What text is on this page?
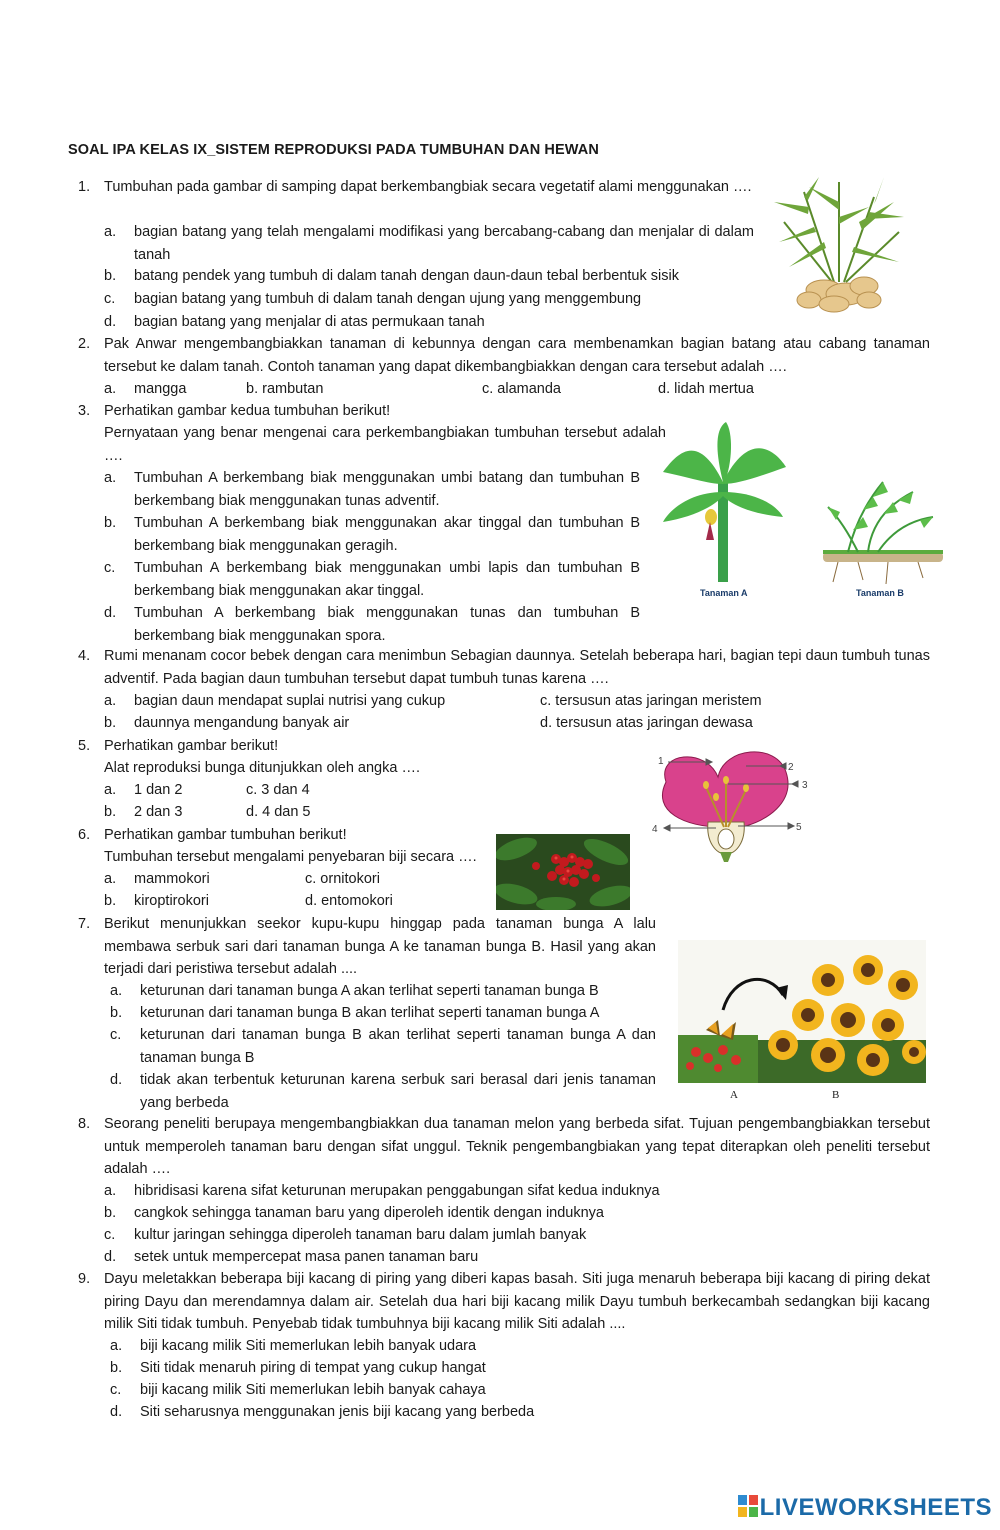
SOAL IPA KELAS IX_SISTEM REPRODUKSI PADA TUMBUHAN DAN HEWAN
1. Tumbuhan pada gambar di samping dapat berkembangbiak secara vegetatif alami menggunakan ….
a. bagian batang yang telah mengalami modifikasi yang bercabang-cabang dan menjalar di dalam tanah
b. batang pendek yang tumbuh di dalam tanah dengan daun-daun tebal berbentuk sisik
c. bagian batang yang tumbuh di dalam tanah dengan ujung yang menggembung
d. bagian batang yang menjalar di atas permukaan tanah
2. Pak Anwar mengembangbiakkan tanaman di kebunnya dengan cara membenamkan bagian batang atau cabang tanaman tersebut ke dalam tanah. Contoh tanaman yang dapat dikembangbiakkan dengan cara tersebut adalah ….
a. mangga	b. rambutan	c. alamanda	d. lidah mertua
3. Perhatikan gambar kedua tumbuhan berikut!
Pernyataan yang benar mengenai cara perkembangbiakan tumbuhan tersebut adalah ….
a. Tumbuhan A berkembang biak menggunakan umbi batang dan tumbuhan B berkembang biak menggunakan tunas adventif.
b. Tumbuhan A berkembang biak menggunakan akar tinggal dan tumbuhan B berkembang biak menggunakan geragih.
c. Tumbuhan A berkembang biak menggunakan umbi lapis dan tumbuhan B berkembang biak menggunakan akar tinggal.
d. Tumbuhan A berkembang biak menggunakan tunas dan tumbuhan B berkembang biak menggunakan spora.
Tanaman A	Tanaman B
4. Rumi menanam cocor bebek dengan cara menimbun Sebagian daunnya. Setelah beberapa hari, bagian tepi daun tumbuh tunas adventif. Pada bagian daun tumbuhan tersebut dapat tumbuh tunas karena ….
a. bagian daun mendapat suplai nutrisi yang cukup	c. tersusun atas jaringan meristem
b. daunnya mengandung banyak air	d. tersusun atas jaringan dewasa
5. Perhatikan gambar berikut!
Alat reproduksi bunga ditunjukkan oleh angka ….
a. 1 dan 2	c. 3 dan 4
b. 2 dan 3	d. 4 dan 5
1
2
3
4	5
6. Perhatikan gambar tumbuhan berikut!
Tumbuhan tersebut mengalami penyebaran biji secara ….
a. mammokori	c. ornitokori
b. kiroptirokori	d. entomokori
7. Berikut menunjukkan seekor kupu-kupu hinggap pada tanaman bunga A lalu membawa serbuk sari dari tanaman bunga A ke tanaman bunga B. Hasil yang akan terjadi dari peristiwa tersebut adalah ....
a. keturunan dari tanaman bunga A akan terlihat seperti tanaman bunga B
b. keturunan dari tanaman bunga B akan terlihat seperti tanaman bunga A
c. keturunan dari tanaman bunga B akan terlihat seperti tanaman bunga A dan tanaman bunga B
d. tidak akan terbentuk keturunan karena serbuk sari berasal dari jenis tanaman yang berbeda	A	B
8. Seorang peneliti berupaya mengembangbiakkan dua tanaman melon yang berbeda sifat. Tujuan pengembangbiakkan tersebut untuk memperoleh tanaman baru dengan sifat unggul. Teknik pengembangbiakan yang tepat diterapkan oleh peneliti tersebut adalah ….
a. hibridisasi karena sifat keturunan merupakan penggabungan sifat kedua induknya
b. cangkok sehingga tanaman baru yang diperoleh identik dengan induknya
c. kultur jaringan sehingga diperoleh tanaman baru dalam jumlah banyak
d. setek untuk mempercepat masa panen tanaman baru
9. Dayu meletakkan beberapa biji kacang di piring yang diberi kapas basah. Siti juga menaruh beberapa biji kacang di piring dekat piring Dayu dan merendamnya dalam air. Setelah dua hari biji kacang milik Dayu tumbuh berkecambah sedangkan biji kacang milik Siti tidak tumbuh. Penyebab tidak tumbuhnya biji kacang milik Siti adalah ....
a. biji kacang milik Siti memerlukan lebih banyak udara
b. Siti tidak menaruh piring di tempat yang cukup hangat
c. biji kacang milik Siti memerlukan lebih banyak cahaya
d. Siti seharusnya menggunakan jenis biji kacang yang berbeda
LIVEWORKSHEETS
